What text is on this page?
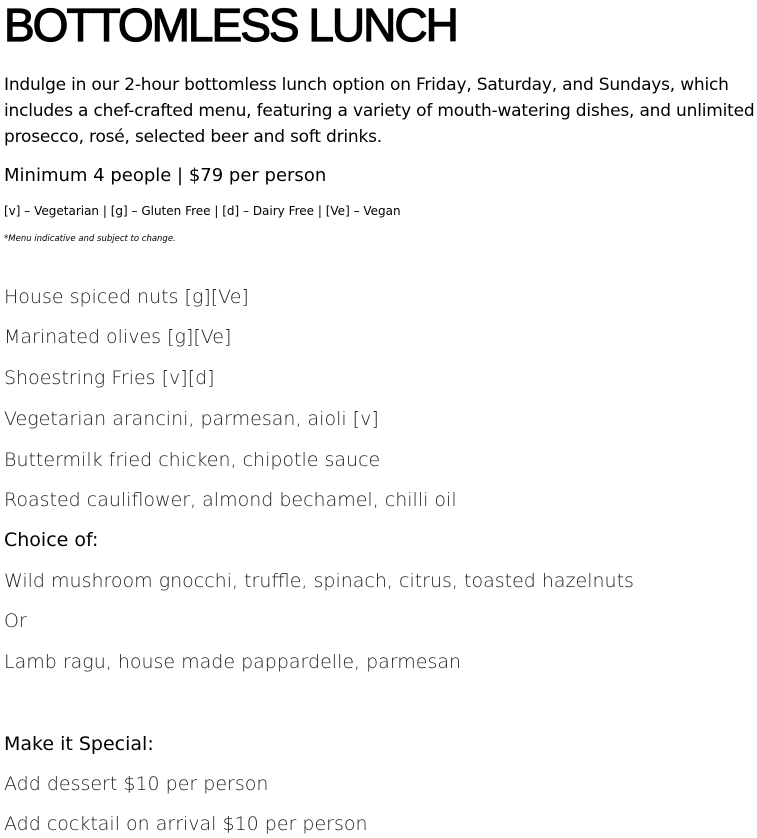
BOTTOMLESS LUNCH
Indulge in our 2-hour bottomless lunch option on Friday, Saturday, and Sundays, which includes a chef-crafted menu, featuring a variety of mouth-watering dishes, and unlimited prosecco, rosé, selected beer and soft drinks.
Minimum 4 people | $79 per person
[v] – Vegetarian | [g] – Gluten Free | [d] – Dairy Free | [Ve] – Vegan
*Menu indicative and subject to change.
House spiced nuts [g][Ve]
Marinated olives [g][Ve]
Shoestring Fries [v][d]
Vegetarian arancini, parmesan, aioli [v]
Buttermilk fried chicken, chipotle sauce
Roasted cauliflower, almond bechamel, chilli oil
Choice of:
Wild mushroom gnocchi, truffle, spinach, citrus, toasted hazelnuts
Or
Lamb ragu, house made pappardelle, parmesan
Make it Special:
Add dessert $10 per person
Add cocktail on arrival $10 per person
